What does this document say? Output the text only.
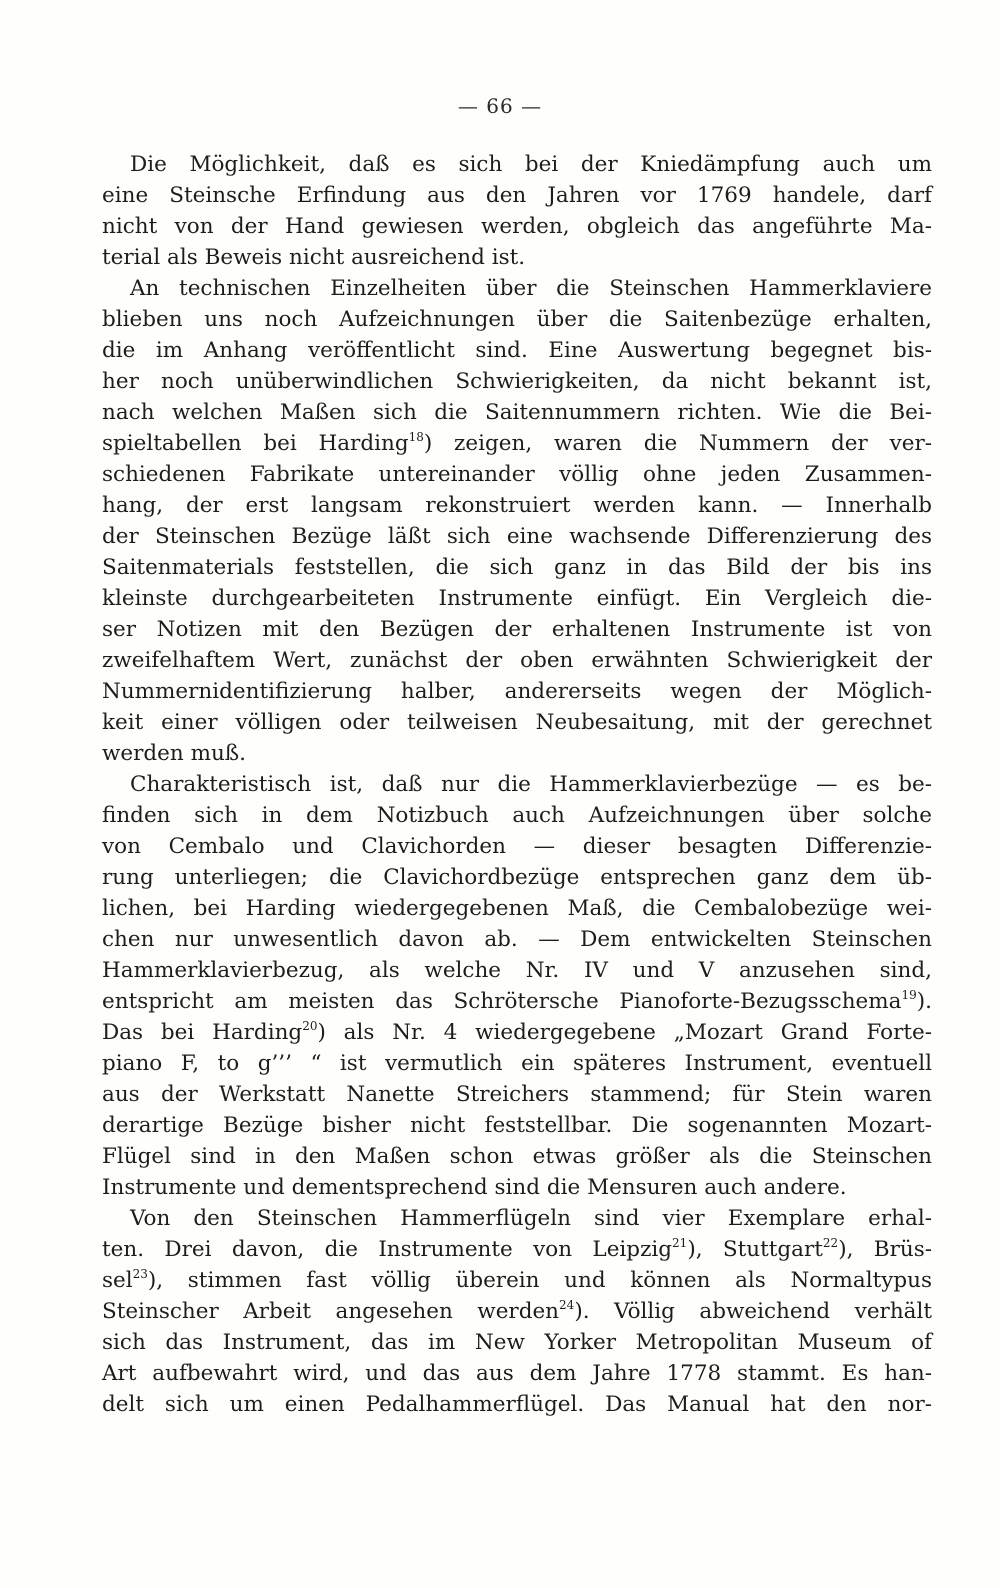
— 66 —
Die Möglichkeit, daß es sich bei der Kniedämpfung auch um
eine Steinsche Erfindung aus den Jahren vor 1769 handele, darf
nicht von der Hand gewiesen werden, obgleich das angeführte Ma-
terial als Beweis nicht ausreichend ist.
An technischen Einzelheiten über die Steinschen Hammerklaviere
blieben uns noch Aufzeichnungen über die Saitenbezüge erhalten,
die im Anhang veröffentlicht sind. Eine Auswertung begegnet bis-
her noch unüberwindlichen Schwierigkeiten, da nicht bekannt ist,
nach welchen Maßen sich die Saitennummern richten. Wie die Bei-
spieltabellen bei Harding$^{18}$) zeigen, waren die Nummern der ver-
schiedenen Fabrikate untereinander völlig ohne jeden Zusammen-
hang, der erst langsam rekonstruiert werden kann. — Innerhalb
der Steinschen Bezüge läßt sich eine wachsende Differenzierung des
Saitenmaterials feststellen, die sich ganz in das Bild der bis ins
kleinste durchgearbeiteten Instrumente einfügt. Ein Vergleich die-
ser Notizen mit den Bezügen der erhaltenen Instrumente ist von
zweifelhaftem Wert, zunächst der oben erwähnten Schwierigkeit der
Nummernidentifizierung halber, andererseits wegen der Möglich-
keit einer völligen oder teilweisen Neubesaitung, mit der gerechnet
werden muß.
Charakteristisch ist, daß nur die Hammerklavierbezüge — es be-
finden sich in dem Notizbuch auch Aufzeichnungen über solche
von Cembalo und Clavichorden — dieser besagten Differenzie-
rung unterliegen; die Clavichordbezüge entsprechen ganz dem üb-
lichen, bei Harding wiedergegebenen Maß, die Cembalobezüge wei-
chen nur unwesentlich davon ab. — Dem entwickelten Steinschen
Hammerklavierbezug, als welche Nr. IV und V anzusehen sind,
entspricht am meisten das Schrötersche Pianoforte-Bezugsschema$^{19}$).
Das bei Harding$^{20}$) als Nr. 4 wiedergegebene „Mozart Grand Forte-
piano F, to g’’’ “ ist vermutlich ein späteres Instrument, eventuell
aus der Werkstatt Nanette Streichers stammend; für Stein waren
derartige Bezüge bisher nicht feststellbar. Die sogenannten Mozart-
Flügel sind in den Maßen schon etwas größer als die Steinschen
Instrumente und dementsprechend sind die Mensuren auch andere.
Von den Steinschen Hammerflügeln sind vier Exemplare erhal-
ten. Drei davon, die Instrumente von Leipzig$^{21}$), Stuttgart$^{22}$), Brüs-
sel$^{23}$), stimmen fast völlig überein und können als Normaltypus
Steinscher Arbeit angesehen werden$^{24}$). Völlig abweichend verhält
sich das Instrument, das im New Yorker Metropolitan Museum of
Art aufbewahrt wird, und das aus dem Jahre 1778 stammt. Es han-
delt sich um einen Pedalhammerflügel. Das Manual hat den nor-
